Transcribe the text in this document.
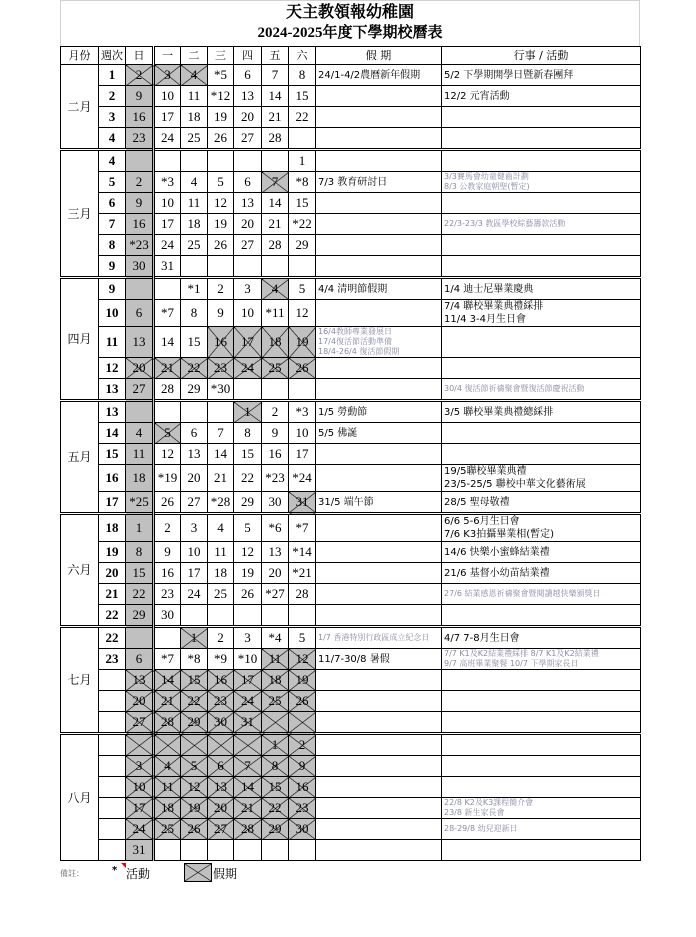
天主教領報幼稚園
2024-2025年度下學期校曆表
月份	週次	日	一	二	三	四	五	六	假 期	行事 / 活動
二月	1	2	3	4	*5	6	7	8	24/1-4/2農曆新年假期	5/2 下學期開學日暨新春團拜

	2	9	10	11	*12	13	14	15		12/2 元宵活動

	3	16	17	18	19	20	21	22		
	4	23	24	25	26	27	28			
三月	4							1		
	5	2	*3	4	5	6	7	*8	7/3 教育研討日	3/3賽馬會幼童健齒計劃
8/3 公教家庭朝聖(暫定)

	6	9	10	11	12	13	14	15		
	7	16	17	18	19	20	21	*22		22/3-23/3 教區學校綜藝籌款活動

	8	*23	24	25	26	27	28	29		
	9	30	31							
四月	9			*1	2	3	4	5	4/4 清明節假期	1/4 迪士尼畢業慶典

	10	6	*7	8	9	10	*11	12		7/4 聯校畢業典禮綵排
11/4 3-4月生日會

	11	13	14	15	16	17	18	19	16/4教師專業發展日
17/4復活節活動準備
18/4-26/4 復活節假期	

	12	20	21	22	23	24	25	26		
	13	27	28	29	*30					30/4 復活節祈禱聚會暨復活節慶祝活動

五月	13					1	2	*3	1/5 勞動節	3/5 聯校畢業典禮總綵排

	14	4	5	6	7	8	9	10	5/5 佛誕	

	15	11	12	13	14	15	16	17		
	16	18	*19	20	21	22	*23	*24		19/5聯校畢業典禮
23/5-25/5 聯校中華文化藝術展

	17	*25	26	27	*28	29	30	31	31/5 端午節	28/5 聖母敬禮

六月	18	1	2	3	4	5	*6	*7		6/6 5-6月生日會
7/6 K3拍攝畢業相(暫定)

	19	8	9	10	11	12	13	*14		14/6 快樂小蜜蜂結業禮

	20	15	16	17	18	19	20	*21		21/6 基督小幼苗結業禮

	21	22	23	24	25	26	*27	28		27/6 結業感恩祈禱聚會暨閱讀越快樂頒獎日

	22	29	30							
七月	22			1	2	3	*4	5	1/7 香港特別行政區成立紀念日	4/7 7-8月生日會

	23	6	*7	*8	*9	*10	11	12	11/7-30/8 暑假	7/7 K1及K2結業禮綵排 8/7 K1及K2結業禮
9/7 高班畢業聚餐 10/7 下學期家長日

		13	14	15	16	17	18	19		
		20	21	22	23	24	25	26		
		27	28	29	30	31				
八月							1	2		
		3	4	5	6	7	8	9		
		10	11	12	13	14	15	16		
		17	18	19	20	21	22	23		22/8 K2及K3課程簡介會
23/8 新生家長會

		24	25	26	27	28	29	30		28-29/8 幼兒迎新日

		31								
備註：	* 活動	假期
